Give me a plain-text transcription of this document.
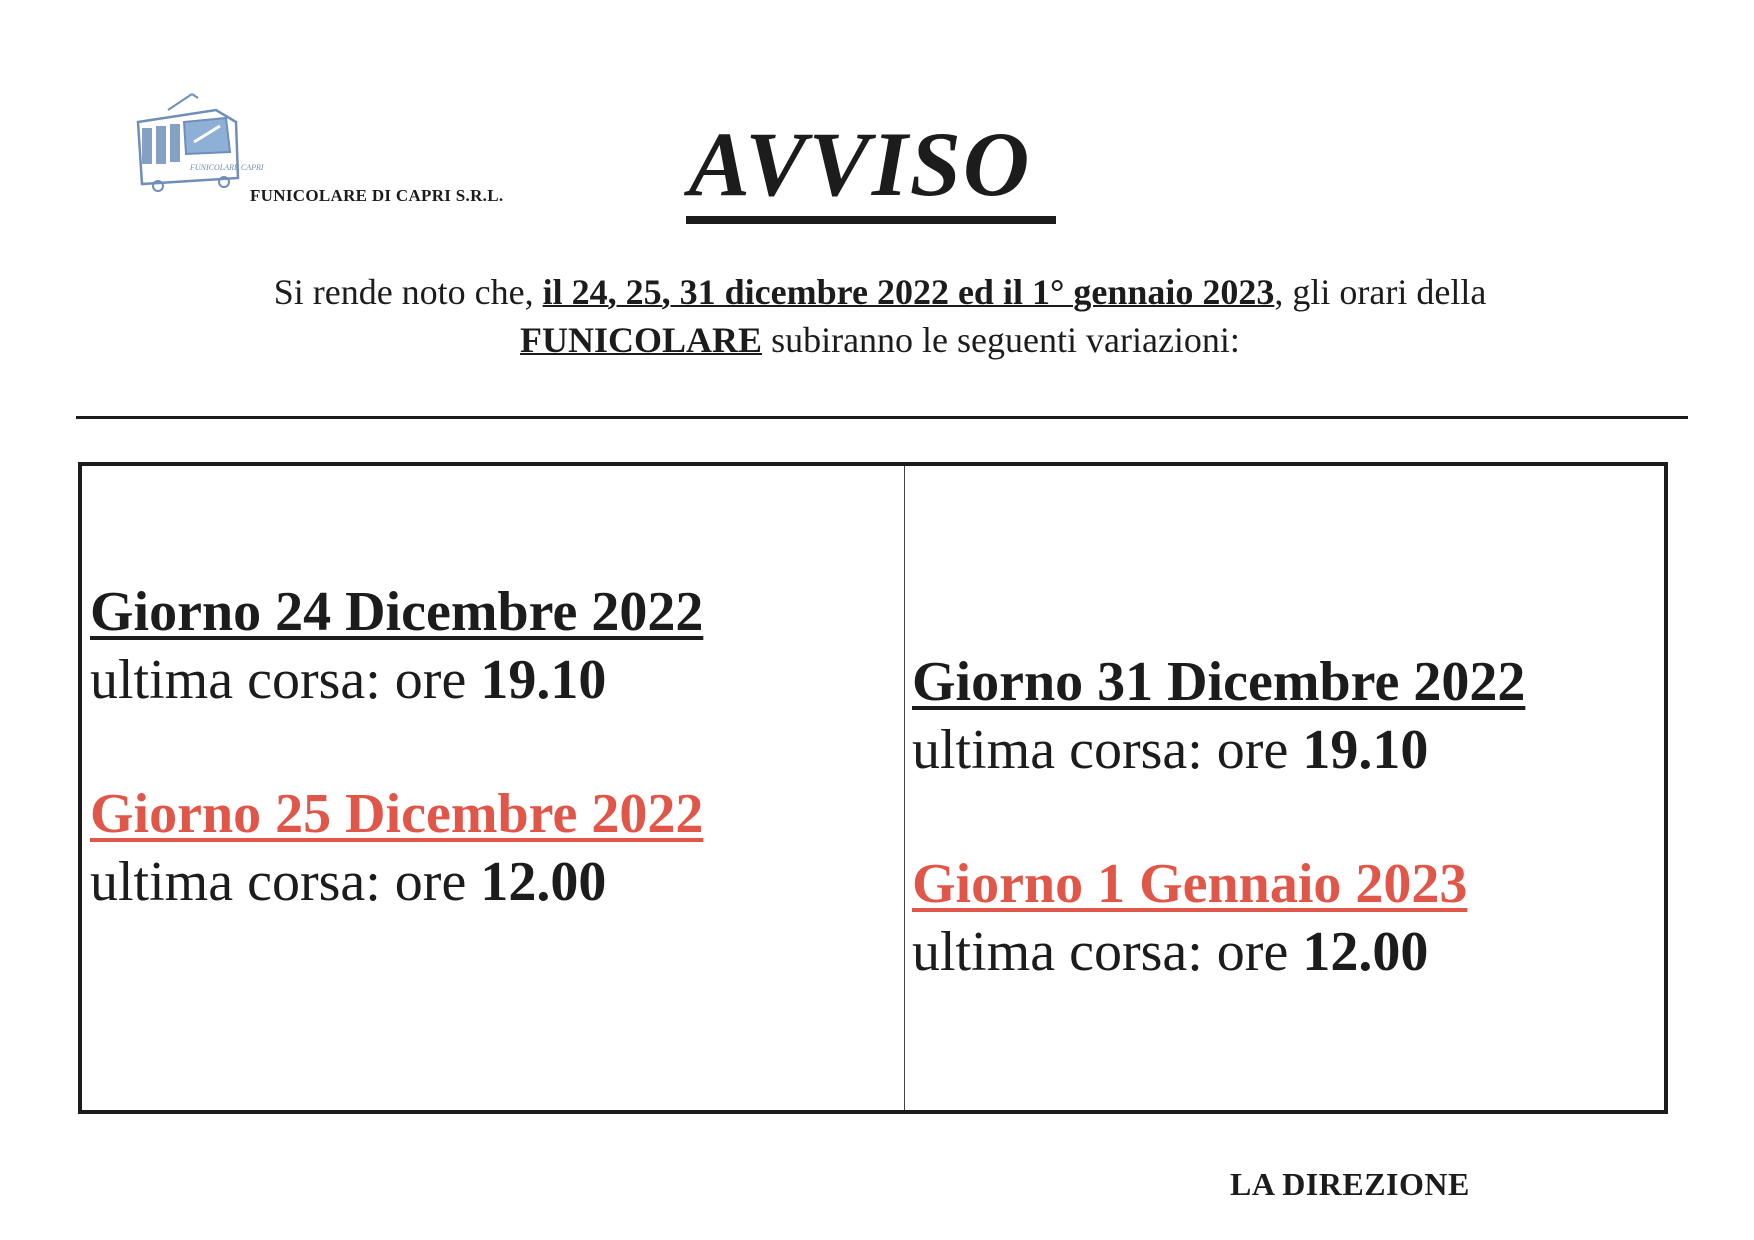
FUNICOLARE CAPRI
FUNICOLARE DI CAPRI S.R.L.	AVVISO
Si rende noto che, il 24, 25, 31 dicembre 2022 ed il 1° gennaio 2023, gli orari della
FUNICOLARE subiranno le seguenti variazioni:
Giorno 24 Dicembre 2022
ultima corsa: ore 19.10
Giorno 25 Dicembre 2022
ultima corsa: ore 12.00
Giorno 31 Dicembre 2022
ultima corsa: ore 19.10
Giorno 1 Gennaio 2023
ultima corsa: ore 12.00
LA DIREZIONE
